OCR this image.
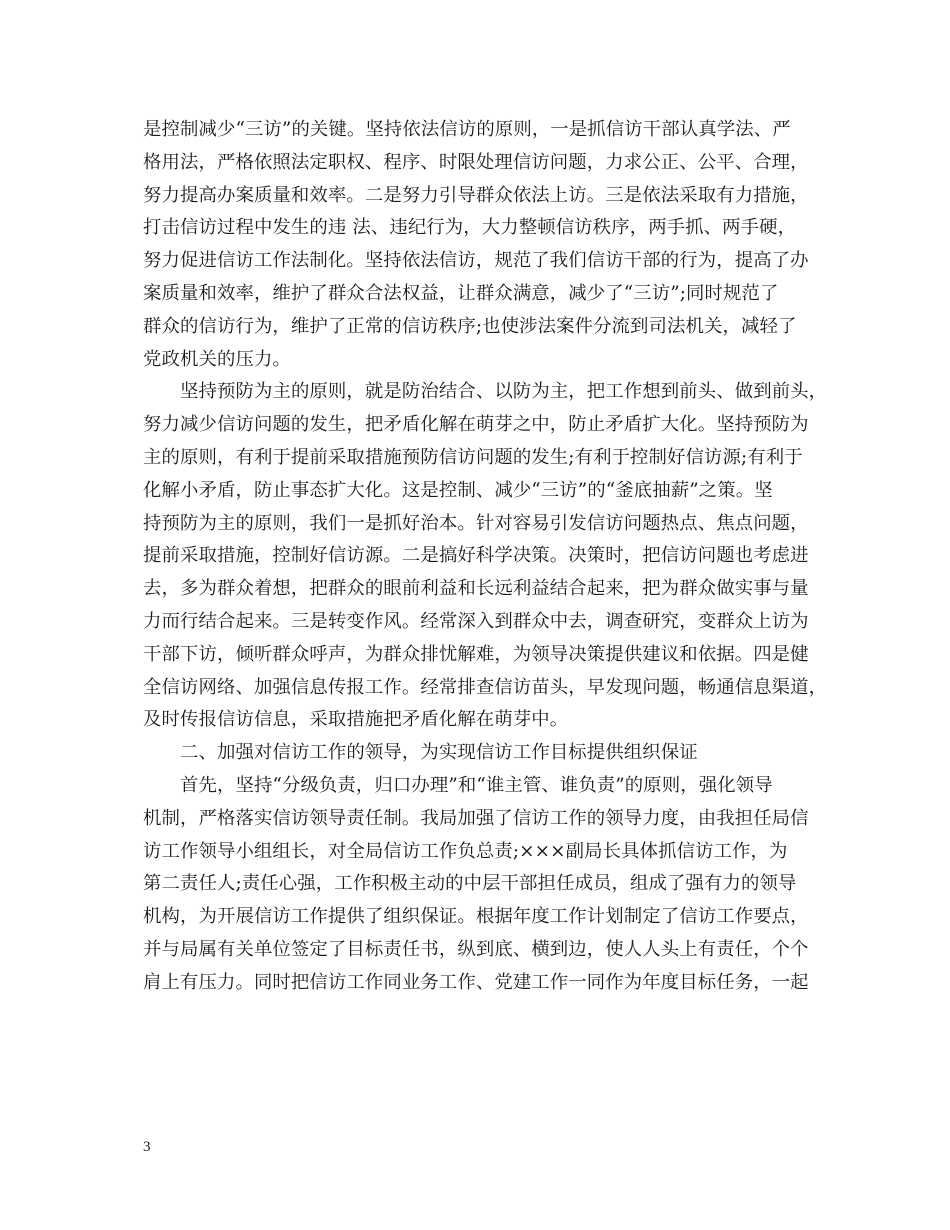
是控制减少“三访”的关键。坚持依法信访的原则，一是抓信访干部认真学法、严
格用法，严格依照法定职权、程序、时限处理信访问题，力求公正、公平、合理，
努力提高办案质量和效率。二是努力引导群众依法上访。三是依法采取有力措施，
打击信访过程中发生的违 法、违纪行为，大力整顿信访秩序，两手抓、两手硬，
努力促进信访工作法制化。坚持依法信访，规范了我们信访干部的行为，提高了办
案质量和效率，维护了群众合法权益，让群众满意，减少了“三访”;同时规范了
群众的信访行为，维护了正常的信访秩序;也使涉法案件分流到司法机关，减轻了
党政机关的压力。
坚持预防为主的原则，就是防治结合、以防为主，把工作想到前头、做到前头，
努力减少信访问题的发生，把矛盾化解在萌芽之中，防止矛盾扩大化。坚持预防为
主的原则，有利于提前采取措施预防信访问题的发生;有利于控制好信访源;有利于
化解小矛盾，防止事态扩大化。这是控制、减少“三访”的“釜底抽薪”之策。坚
持预防为主的原则，我们一是抓好治本。针对容易引发信访问题热点、焦点问题，
提前采取措施，控制好信访源。二是搞好科学决策。决策时，把信访问题也考虑进
去，多为群众着想，把群众的眼前利益和长远利益结合起来，把为群众做实事与量
力而行结合起来。三是转变作风。经常深入到群众中去，调查研究，变群众上访为
干部下访，倾听群众呼声，为群众排忧解难，为领导决策提供建议和依据。四是健
全信访网络、加强信息传报工作。经常排查信访苗头，早发现问题，畅通信息渠道，
及时传报信访信息，采取措施把矛盾化解在萌芽中。
二、加强对信访工作的领导，为实现信访工作目标提供组织保证
首先，坚持“分级负责，归口办理”和“谁主管、谁负责”的原则，强化领导
机制，严格落实信访领导责任制。我局加强了信访工作的领导力度，由我担任局信
访工作领导小组组长，对全局信访工作负总责;×××副局长具体抓信访工作，为
第二责任人;责任心强，工作积极主动的中层干部担任成员，组成了强有力的领导
机构，为开展信访工作提供了组织保证。根据年度工作计划制定了信访工作要点，
并与局属有关单位签定了目标责任书，纵到底、横到边，使人人头上有责任，个个
肩上有压力。同时把信访工作同业务工作、党建工作一同作为年度目标任务，一起
3
